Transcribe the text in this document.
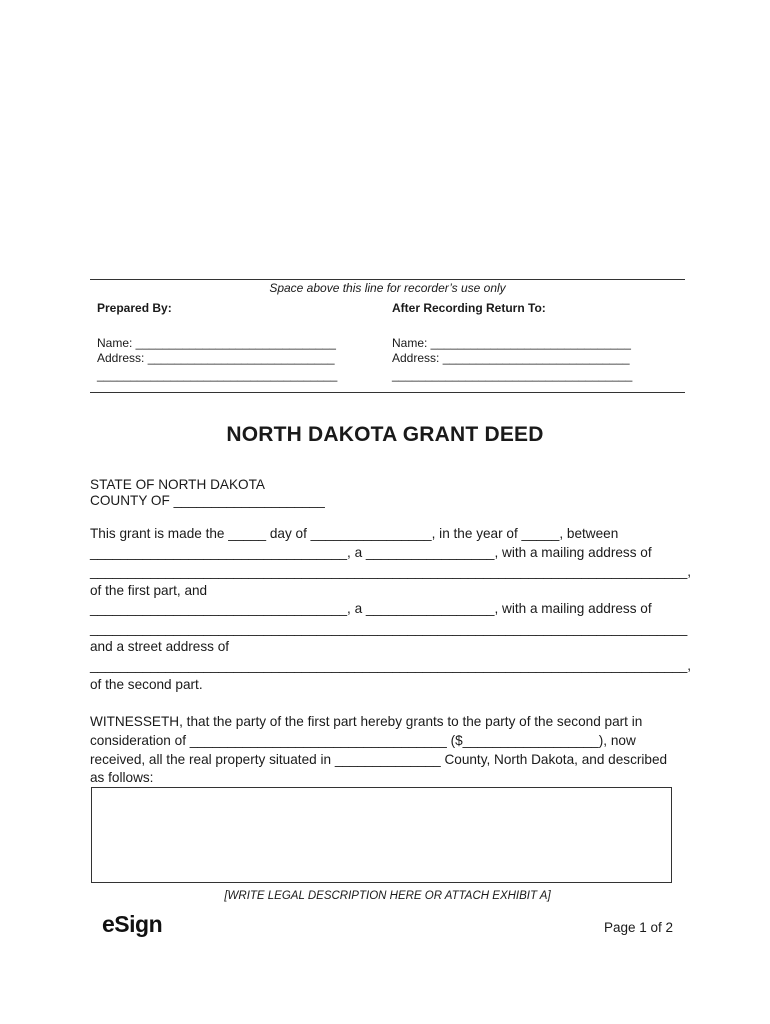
Space above this line for recorder’s use only
Prepared By:
Name: ______________________________
Address: ____________________________
____________________________________
After Recording Return To:
Name: ______________________________
Address: ____________________________
____________________________________
NORTH DAKOTA GRANT DEED
STATE OF NORTH DAKOTA
COUNTY OF ____________________
This grant is made the _____ day of ________________, in the year of _____, between
__________________________________, a _________________, with a mailing address of
_______________________________________________________________________________,
of the first part, and
__________________________________, a _________________, with a mailing address of
_______________________________________________________________________________
and a street address of
_______________________________________________________________________________,
of the second part.
WITNESSETH, that the party of the first part hereby grants to the party of the second part in
consideration of __________________________________ ($__________________), now
received, all the real property situated in ______________ County, North Dakota, and described
as follows:
[WRITE LEGAL DESCRIPTION HERE OR ATTACH EXHIBIT A]
eSign	Page 1 of 2
